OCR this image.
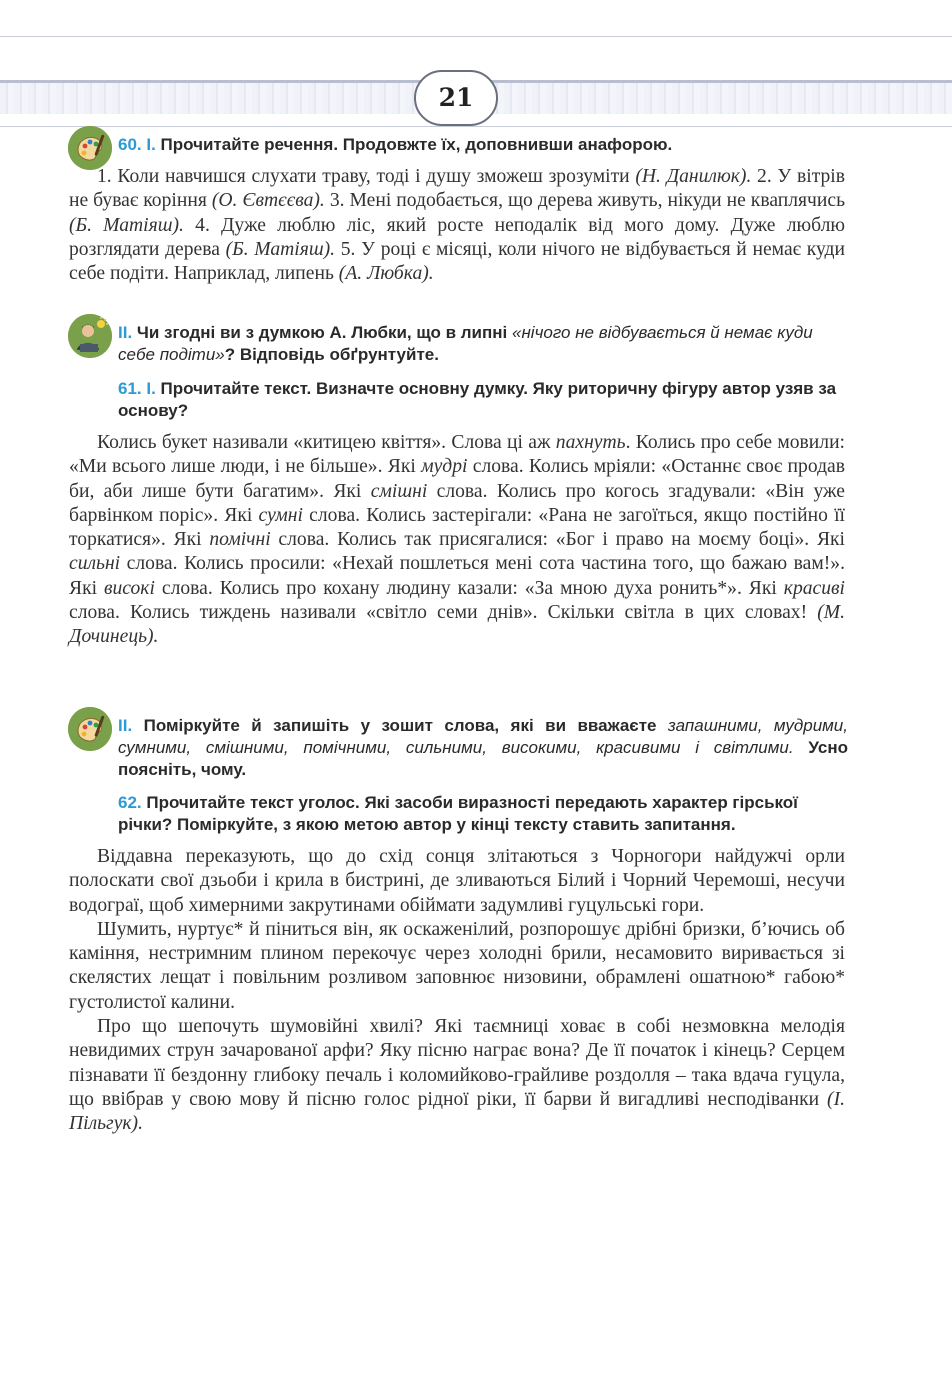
21
60. І. Прочитайте речення. Продовжте їх, доповнивши анафорою.

1. Коли навчишся слухати траву, тоді і душу зможеш зрозуміти (Н. Данилюк). 2. У вітрів не буває коріння (О. Євтєєва). 3. Мені подобається, що дерева живуть, нікуди не кваплячись (Б. Матіяш). 4. Дуже люблю ліс, який росте неподалік від мого дому. Дуже люблю розглядати дерева (Б. Матіяш). 5. У році є місяці, коли нічого не відбувається й немає куди себе подіти. Наприклад, липень (А. Любка).

ІІ. Чи згодні ви з думкою А. Любки, що в липні «нічого не відбувається й немає куди себе подіти»? Відповідь обґрунтуйте.
61. І. Прочитайте текст. Визначте основну думку. Яку риторичну фігуру автор узяв за основу?

Колись букет називали «китицею квіття». Слова ці аж пахнуть. Колись про себе мовили: «Ми всього лише люди, і не більше». Які мудрі слова. Колись мріяли: «Останнє своє продав би, аби лише бути багатим». Які смішні слова. Колись про когось згадували: «Він уже барвінком поріс». Які сумні слова. Колись застерігали: «Рана не загоїться, якщо постійно її торкатися». Які помічні слова. Колись так присягалися: «Бог і право на моєму боці». Які сильні слова. Колись просили: «Нехай пошлеться мені сота частина того, що бажаю вам!». Які високі слова. Колись про кохану людину казали: «За мною духа ронить*». Які красиві слова. Колись тиждень називали «світло семи днів». Скільки світла в цих словах! (М. Дочинець).

ІІ. Поміркуйте й запишіть у зошит слова, які ви вважаєте запашними, мудрими, сумними, смішними, помічними, сильними, високими, красивими і світлими. Усно поясніть, чому.
62. Прочитайте текст уголос. Які засоби виразності передають характер гірської річки? Поміркуйте, з якою метою автор у кінці тексту ставить запитання.

Віддавна переказують, що до схід сонця злітаються з Чорногори найдужчі орли полоскати свої дзьоби і крила в бистрині, де зливаються Білий і Чорний Черемоші, несучи водограї, щоб химерними закрутинами обіймати задумливі гуцульські гори.

Шумить, нуртує* й піниться він, як оскаженілий, розпорошує дрібні бризки, б’ючись об каміння, нестримним плином перекочує через холодні брили, несамовито виривається зі скелястих лещат і повільним розливом заповнює низовини, обрамлені ошатною* габою* густолистої калини.

Про що шепочуть шумовійні хвилі? Які таємниці ховає в собі незмовкна мелодія невидимих струн зачарованої арфи? Яку пісню награє вона? Де її початок і кінець? Серцем пізнавати її бездонну глибоку печаль і коломийково-грайливе роздолля – така вдача гуцула, що ввібрав у свою мову й пісню голос рідної ріки, її барви й вигадливі несподіванки (І. Пільгук).
